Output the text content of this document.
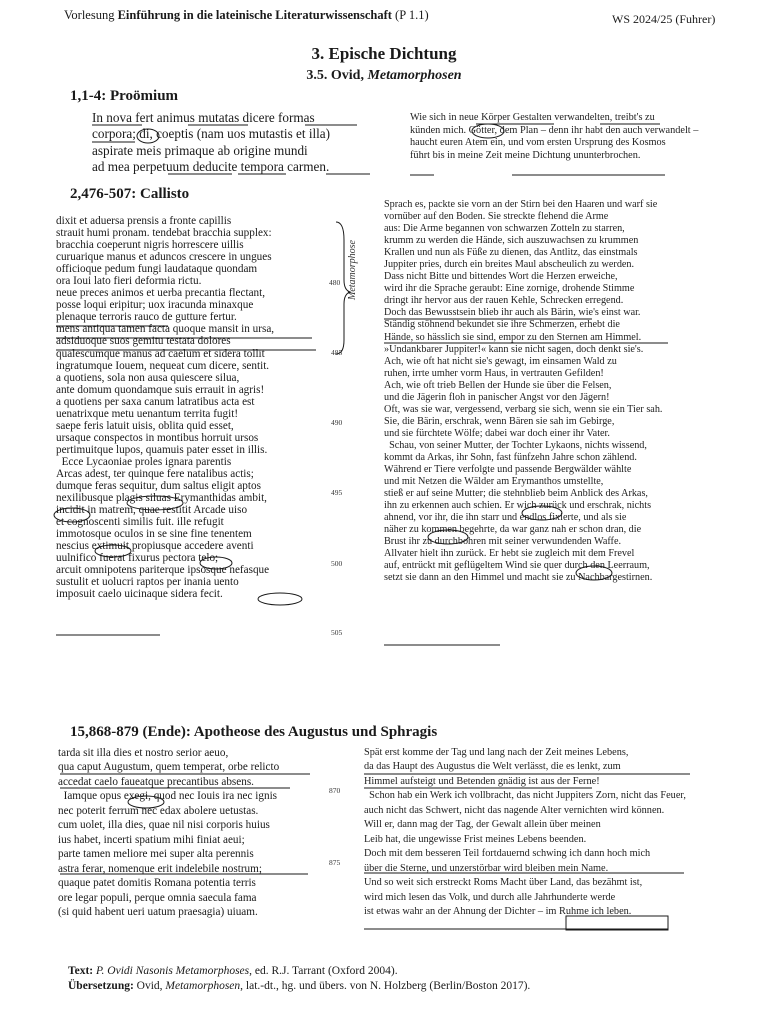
Vorlesung Einführung in die lateinische Literaturwissenschaft (P 1.1)	WS 2024/25 (Fuhrer)
3. Epische Dichtung
3.5. Ovid, Metamorphosen
1,1-4: Proömium
In nova fert animus mutatas dicere formas
corpora; di, coeptis (nam uos mutastis et illa)
aspirate meis primaque ab origine mundi
ad mea perpetuum deducite tempora carmen.
Wie sich in neue Körper Gestalten verwandelten, treibt's zu
künden mich. Götter, dem Plan – denn ihr habt den auch verwandelt –
haucht euren Atem ein, und vom ersten Ursprung des Kosmos
führt bis in meine Zeit meine Dichtung ununterbrochen.
2,476-507: Callisto
dixit et aduersa prensis a fronte capillis
strauit humi pronam. tendebat bracchia supplex:
bracchia coeperunt nigris horrescere uillis
curuarique manus et aduncos crescere in ungues
officioque pedum fungi laudataque quondam
ora Ioui lato fieri deformia rictu.
neue preces animos et uerba precantia flectant,
posse loqui eripitur; uox iracunda minaxque
plenaque terroris rauco de gutture fertur.
mens antiqua tamen facta quoque mansit in ursa,
adsiduoque suos gemitu testata dolores
qualescumque manus ad caelum et sidera tollit
ingratumque Iouem, nequeat cum dicere, sentit.
a quotiens, sola non ausa quiescere silua,
ante domum quondamque suis errauit in agris!
a quotiens per saxa canum latratibus acta est
uenatrixque metu uenantum territa fugit!
saepe feris latuit uisis, oblita quid esset,
ursaque conspectos in montibus horruit ursos
pertimuitque lupos, quamuis pater esset in illis.
Ecce Lycaoniae proles ignara parentis
Arcas adest, ter quinque fere natalibus actis;
dumque feras sequitur, dum saltus eligit aptos
nexilibusque plagis siluas Erymanthidas ambit,
incidit in matrem, quae restitit Arcade uiso
et cognoscenti similis fuit. ille refugit
immotosque oculos in se sine fine tenentem
nescius extimuit propiusque accedere aventi
uulnifico fuerat fixurus pectora telo;
arcuit omnipotens pariterque ipsosque nefasque
sustulit et uolucri raptos per inania uento
imposuit caelo uicinaque sidera fecit.
Sprach es, packte sie vorn an der Stirn bei den Haaren und warf sie
vornüber auf den Boden. Sie streckte flehend die Arme
aus: Die Arme begannen von schwarzen Zotteln zu starren,
krumm zu werden die Hände, sich auszuwachsen zu krummen
Krallen und nun als Füße zu dienen, das Antlitz, das einstmals
Juppiter pries, durch ein breites Maul abscheulich zu werden.
Dass nicht Bitte und bittendes Wort die Herzen erweiche,
wird ihr die Sprache geraubt: Eine zornige, drohende Stimme
dringt ihr hervor aus der rauen Kehle, Schrecken erregend.
Doch das Bewusstsein blieb ihr auch als Bärin, wie's einst war.
Ständig stöhnend bekundet sie ihre Schmerzen, erhebt die
Hände, so hässlich sie sind, empor zu den Sternen am Himmel.
»Undankbarer Juppiter!« kann sie nicht sagen, doch denkt sie's.
Ach, wie oft hat nicht sie's gewagt, im einsamen Wald zu
ruhen, irrte umher vorm Haus, in vertrauten Gefilden!
Ach, wie oft trieb Bellen der Hunde sie über die Felsen,
und die Jägerin floh in panischer Angst vor den Jägern!
Oft, was sie war, vergessend, verbarg sie sich, wenn sie ein Tier sah.
Sie, die Bärin, erschrak, wenn Bären sie sah im Gebirge,
und sie fürchtete Wölfe; dabei war doch einer ihr Vater.
Schau, von seiner Mutter, der Tochter Lykaons, nichts wissend,
kommt da Arkas, ihr Sohn, fast fünfzehn Jahre schon zählend.
Während er Tiere verfolgte und passende Bergwälder wählte
und mit Netzen die Wälder am Erymanthos umstellte,
stieß er auf seine Mutter; die stehnblieb beim Anblick des Arkas,
ihn zu erkennen auch schien. Er wich zurück und erschrak, nichts
ahnend, vor ihr, die ihn starr und endlos fixierte, und als sie
näher zu kommen begehrte, da war ganz nah er schon dran, die
Brust ihr zu durchbohren mit seiner verwundenden Waffe.
Allvater hielt ihn zurück. Er hebt sie zugleich mit dem Frevel
auf, entrückt mit geflügeltem Wind sie quer durch den Leerraum,
setzt sie dann an den Himmel und macht sie zu Nachbargestirnen.
480
485
490
495
500
505
Metamorphose
15,868-879 (Ende): Apotheose des Augustus und Sphragis
tarda sit illa dies et nostro serior aeuo,
qua caput Augustum, quem temperat, orbe relicto
accedat caelo faueatque precantibus absens.
Iamque opus exegi, quod nec Iouis ira nec ignis
nec poterit ferrum nec edax abolere uetustas.
cum uolet, illa dies, quae nil nisi corporis huius
ius habet, incerti spatium mihi finiat aeui;
parte tamen meliore mei super alta perennis
astra ferar, nomenque erit indelebile nostrum;
quaque patet domitis Romana potentia terris
ore legar populi, perque omnia saecula fama
(si quid habent ueri uatum praesagia) uiuam.
Spät erst komme der Tag und lang nach der Zeit meines Lebens,
da das Haupt des Augustus die Welt verlässt, die es lenkt, zum
Himmel aufsteigt und Betenden gnädig ist aus der Ferne!
Schon hab ein Werk ich vollbracht, das nicht Juppiters Zorn, nicht das Feuer,
auch nicht das Schwert, nicht das nagende Alter vernichten wird können.
Will er, dann mag der Tag, der Gewalt allein über meinen
Leib hat, die ungewisse Frist meines Lebens beenden.
Doch mit dem besseren Teil fortdauernd schwing ich dann hoch mich
über die Sterne, und unzerstörbar wird bleiben mein Name.
Und so weit sich erstreckt Roms Macht über Land, das bezähmt ist,
wird mich lesen das Volk, und durch alle Jahrhunderte werde
ist etwas wahr an der Ahnung der Dichter – im Ruhme ich leben.
870
875
Text: P. Ovidi Nasonis Metamorphoses, ed. R.J. Tarrant (Oxford 2004).
Übersetzung: Ovid, Metamorphosen, lat.-dt., hg. und übers. von N. Holzberg (Berlin/Boston 2017).
